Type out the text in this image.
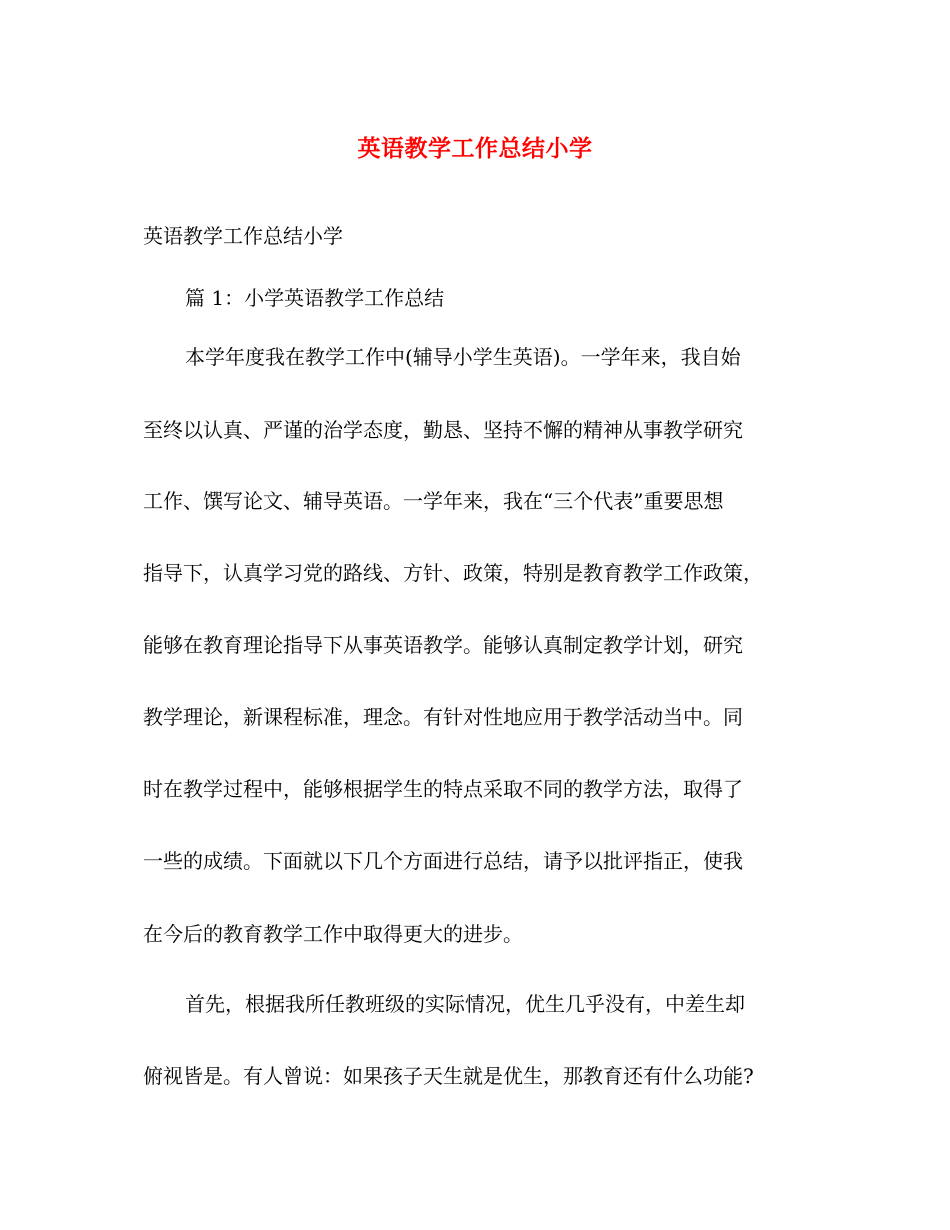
英语教学工作总结小学
英语教学工作总结小学
篇 1：小学英语教学工作总结
本学年度我在教学工作中(辅导小学生英语)。一学年来，我自始
至终以认真、严谨的治学态度，勤恳、坚持不懈的精神从事教学研究
工作、馔写论文、辅导英语。一学年来，我在“三个代表”重要思想
指导下，认真学习党的路线、方针、政策，特别是教育教学工作政策，
能够在教育理论指导下从事英语教学。能够认真制定教学计划，研究
教学理论，新课程标准，理念。有针对性地应用于教学活动当中。同
时在教学过程中，能够根据学生的特点采取不同的教学方法，取得了
一些的成绩。下面就以下几个方面进行总结，请予以批评指正，使我
在今后的教育教学工作中取得更大的进步。
首先，根据我所任教班级的实际情况，优生几乎没有，中差生却
俯视皆是。有人曾说：如果孩子天生就是优生，那教育还有什么功能?
